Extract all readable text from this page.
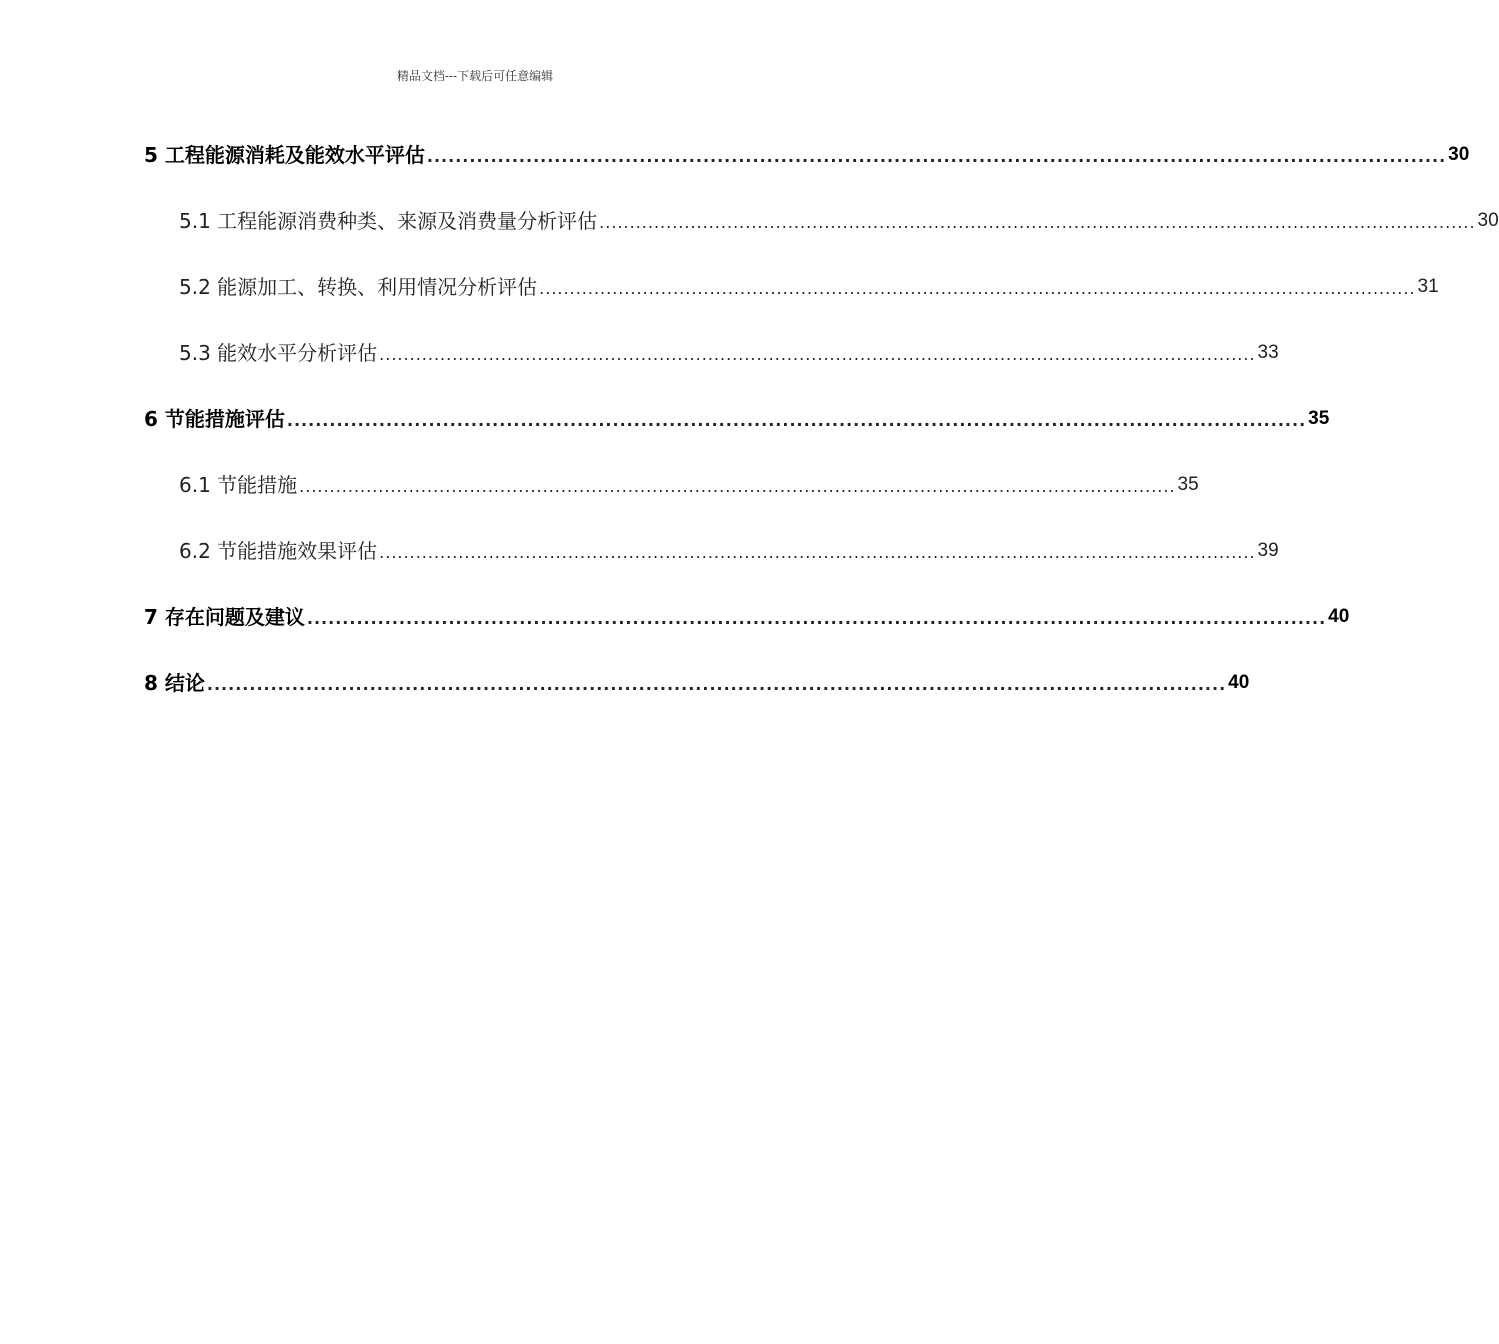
精品文档---下载后可任意编辑
5 工程能源消耗及能效水平评估 ................................................................................................................................................ 30
5.1 工程能源消费种类、来源及消费量分析评估 ................................................................................................................................................ 30
5.2 能源加工、转换、利用情况分析评估 ................................................................................................................................................ 31
5.3 能效水平分析评估 ................................................................................................................................................ 33
6 节能措施评估 ................................................................................................................................................ 35
6.1 节能措施 ................................................................................................................................................ 35
6.2 节能措施效果评估 ................................................................................................................................................ 39
7 存在问题及建议 ................................................................................................................................................ 40
8 结论 ................................................................................................................................................ 40
